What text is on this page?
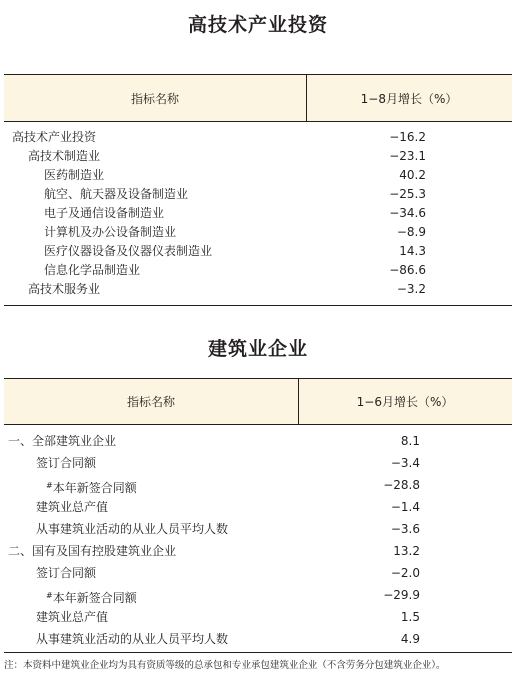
高技术产业投资
指标名称	1−8月增长（%）
高技术产业投资	−16.2
高技术制造业	−23.1
医药制造业	40.2
航空、航天器及设备制造业	−25.3
电子及通信设备制造业	−34.6
计算机及办公设备制造业	−8.9
医疗仪器设备及仪器仪表制造业	14.3
信息化学品制造业	−86.6
高技术服务业	−3.2
建筑业企业
指标名称	1−6月增长（%）
一、全部建筑业企业	8.1
签订合同额	−3.4
#本年新签合同额	−28.8
建筑业总产值	−1.4
从事建筑业活动的从业人员平均人数	−3.6
二、国有及国有控股建筑业企业	13.2
签订合同额	−2.0
#本年新签合同额	−29.9
建筑业总产值	1.5
从事建筑业活动的从业人员平均人数	4.9
注：本资料中建筑业企业均为具有资质等级的总承包和专业承包建筑业企业（不含劳务分包建筑业企业）。
